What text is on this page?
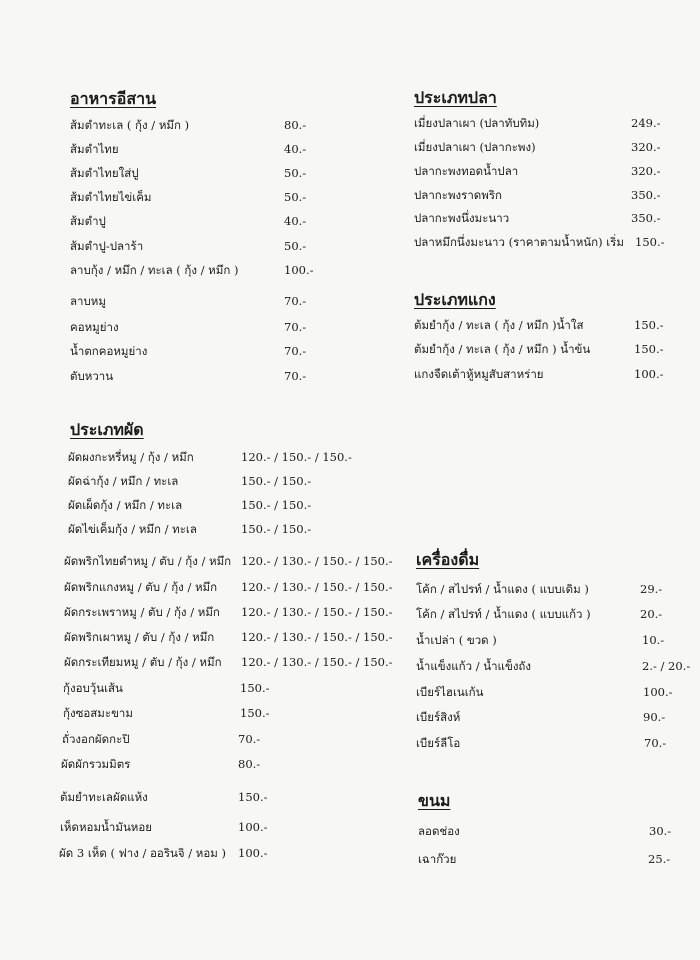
อาหารอีสาน
ส้มตำทะเล ( กุ้ง / หมึก )	80.-
ส้มตำไทย	40.-
ส้มตำไทยใส่ปู	50.-
ส้มตำไทยไข่เค็ม	50.-
ส้มตำปู	40.-
ส้มตำปู-ปลาร้า	50.-
ลาบกุ้ง / หมึก / ทะเล ( กุ้ง / หมึก )	100.-
ลาบหมู	70.-
คอหมูย่าง	70.-
น้ำตกคอหมูย่าง	70.-
ตับหวาน	70.-
ประเภทผัด
ผัดผงกะหรี่หมู / กุ้ง / หมึก	120.- / 150.- / 150.-
ผัดฉ่ากุ้ง / หมึก / ทะเล	150.- / 150.-
ผัดเผ็ดกุ้ง / หมึก / ทะเล	150.- / 150.-
ผัดไข่เค็มกุ้ง / หมึก / ทะเล	150.- / 150.-
ผัดพริกไทยดำหมู / ตับ / กุ้ง / หมึก 120.- / 130.- / 150.- / 150.-
ผัดพริกแกงหมู / ตับ / กุ้ง / หมึก 120.- / 130.- / 150.- / 150.-
ผัดกระเพราหมู / ตับ / กุ้ง / หมึก 120.- / 130.- / 150.- / 150.-
ผัดพริกเผาหมู / ตับ / กุ้ง / หมึก 120.- / 130.- / 150.- / 150.-
ผัดกระเทียมหมู / ตับ / กุ้ง / หมึก 120.- / 130.- / 150.- / 150.-
กุ้งอบวุ้นเส้น	150.-
กุ้งซอสมะขาม	150.-
ถั่วงอกผัดกะปิ	70.-
ผัดผักรวมมิตร	80.-
ต้มยำทะเลผัดแห้ง	150.-
เห็ดหอมน้ำมันหอย	100.-
ผัด 3 เห็ด ( ฟาง / ออรินจิ / หอม ) 100.-
ประเภทปลา
เมี่ยงปลาเผา (ปลาทับทิม)	249.-
เมี่ยงปลาเผา (ปลากะพง)	320.-
ปลากะพงทอดน้ำปลา	320.-
ปลากะพงราดพริก	350.-
ปลากะพงนึ่งมะนาว	350.-
ปลาหมึกนึ่งมะนาว (ราคาตามน้ำหนัก) เริ่ม 150.-
ประเภทแกง
ต้มยำกุ้ง / ทะเล ( กุ้ง / หมึก )น้ำใส	150.-
ต้มยำกุ้ง / ทะเล ( กุ้ง / หมึก ) น้ำข้น	150.-
แกงจืดเต้าหู้หมูสับสาหร่าย	100.-
เครื่องดื่ม
โค้ก / สไปรท์ / น้ำแดง ( แบบเดิม )	29.-
โค้ก / สไปรท์ / น้ำแดง ( แบบแก้ว )	20.-
น้ำเปล่า ( ขวด )	10.-
น้ำแข็งแก้ว / น้ำแข็งถัง	2.- / 20.-
เบียร์ไฮเนเก้น	100.-
เบียร์สิงห์	90.-
เบียร์ลีโอ	70.-
ขนม
ลอดช่อง	30.-
เฉาก๊วย	25.-
